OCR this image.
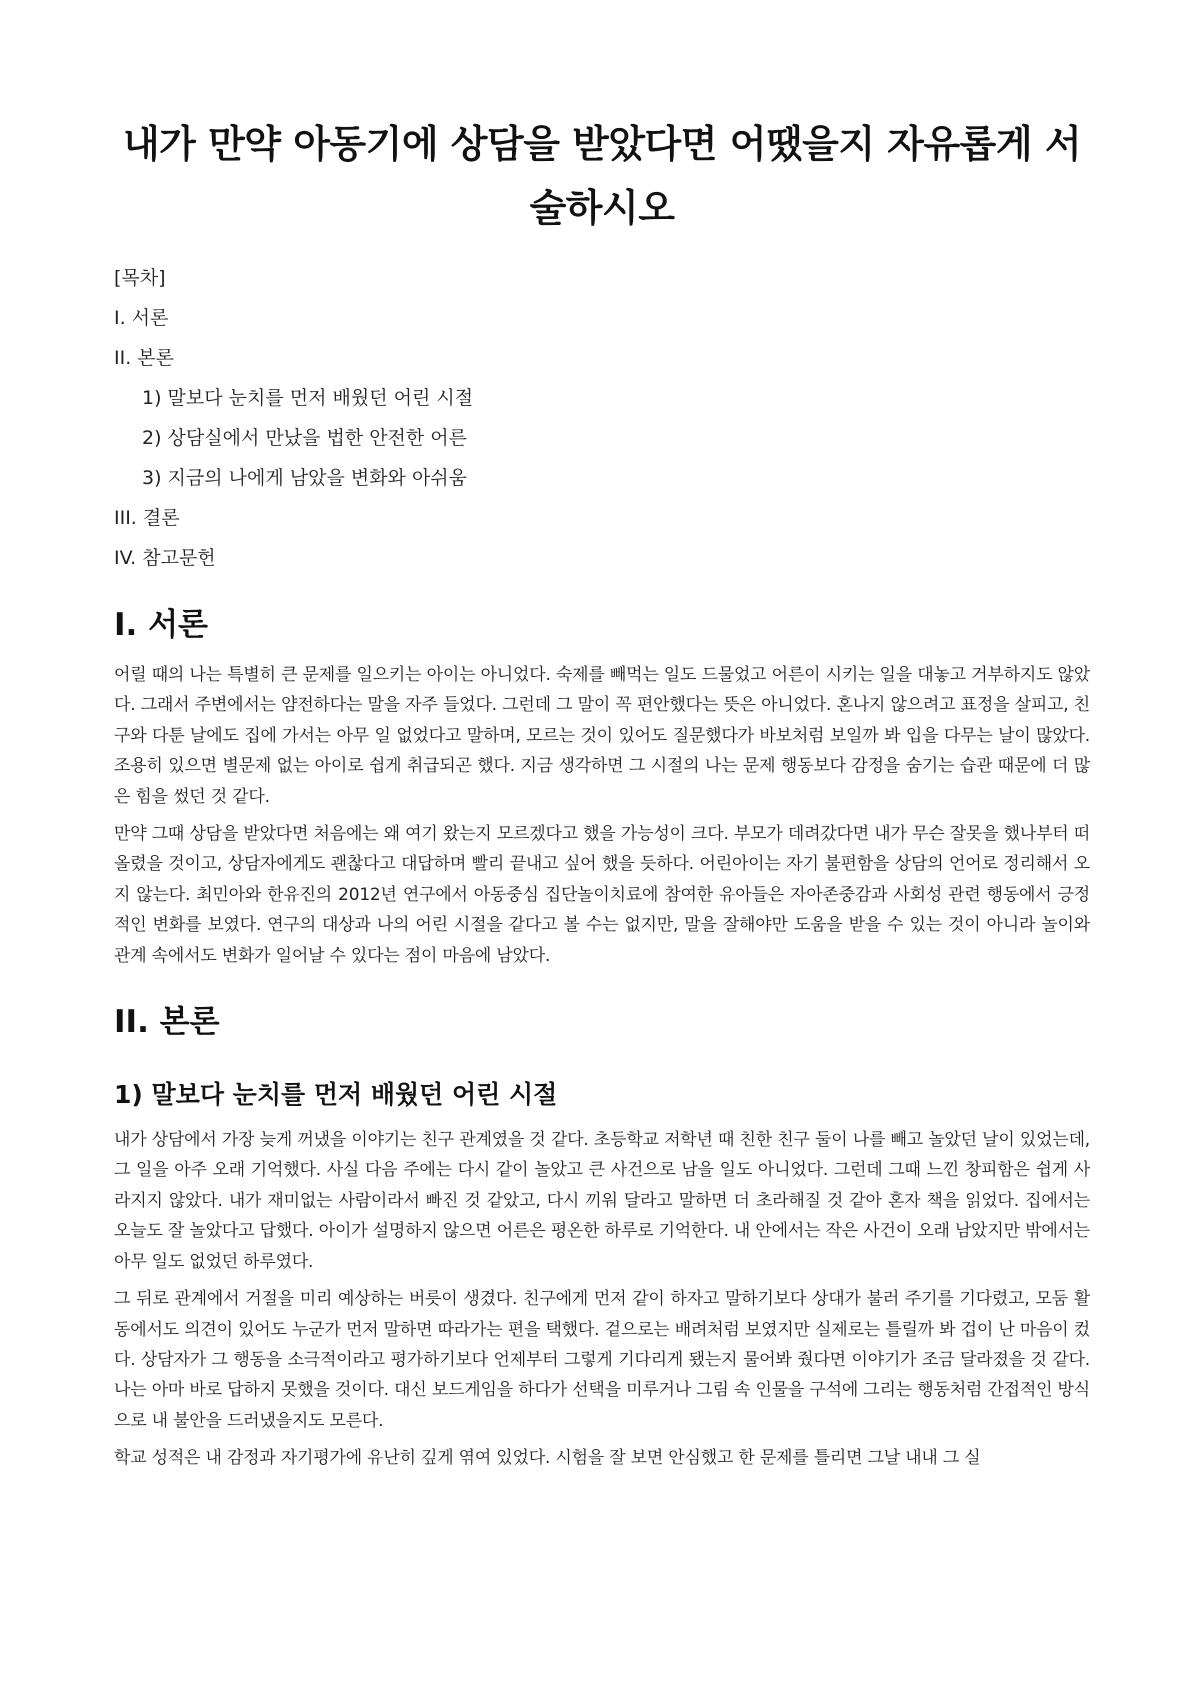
내가 만약 아동기에 상담을 받았다면 어땠을지 자유롭게 서술하시오
[목차]
I. 서론
II. 본론
1) 말보다 눈치를 먼저 배웠던 어린 시절
2) 상담실에서 만났을 법한 안전한 어른
3) 지금의 나에게 남았을 변화와 아쉬움
III. 결론
IV. 참고문헌
I. 서론

어릴 때의 나는 특별히 큰 문제를 일으키는 아이는 아니었다. 숙제를 빼먹는 일도 드물었고 어른이 시키는 일을 대놓고 거부하지도 않았다. 그래서 주변에서는 얌전하다는 말을 자주 들었다. 그런데 그 말이 꼭 편안했다는 뜻은 아니었다. 혼나지 않으려고 표정을 살피고, 친구와 다툰 날에도 집에 가서는 아무 일 없었다고 말하며, 모르는 것이 있어도 질문했다가 바보처럼 보일까 봐 입을 다무는 날이 많았다. 조용히 있으면 별문제 없는 아이로 쉽게 취급되곤 했다. 지금 생각하면 그 시절의 나는 문제 행동보다 감정을 숨기는 습관 때문에 더 많은 힘을 썼던 것 같다.

만약 그때 상담을 받았다면 처음에는 왜 여기 왔는지 모르겠다고 했을 가능성이 크다. 부모가 데려갔다면 내가 무슨 잘못을 했나부터 떠올렸을 것이고, 상담자에게도 괜찮다고 대답하며 빨리 끝내고 싶어 했을 듯하다. 어린아이는 자기 불편함을 상담의 언어로 정리해서 오지 않는다. 최민아와 한유진의 2012년 연구에서 아동중심 집단놀이치료에 참여한 유아들은 자아존중감과 사회성 관련 행동에서 긍정적인 변화를 보였다. 연구의 대상과 나의 어린 시절을 같다고 볼 수는 없지만, 말을 잘해야만 도움을 받을 수 있는 것이 아니라 놀이와 관계 속에서도 변화가 일어날 수 있다는 점이 마음에 남았다.

II. 본론
1) 말보다 눈치를 먼저 배웠던 어린 시절

내가 상담에서 가장 늦게 꺼냈을 이야기는 친구 관계였을 것 같다. 초등학교 저학년 때 친한 친구 둘이 나를 빼고 놀았던 날이 있었는데, 그 일을 아주 오래 기억했다. 사실 다음 주에는 다시 같이 놀았고 큰 사건으로 남을 일도 아니었다. 그런데 그때 느낀 창피함은 쉽게 사라지지 않았다. 내가 재미없는 사람이라서 빠진 것 같았고, 다시 끼워 달라고 말하면 더 초라해질 것 같아 혼자 책을 읽었다. 집에서는 오늘도 잘 놀았다고 답했다. 아이가 설명하지 않으면 어른은 평온한 하루로 기억한다. 내 안에서는 작은 사건이 오래 남았지만 밖에서는 아무 일도 없었던 하루였다.

그 뒤로 관계에서 거절을 미리 예상하는 버릇이 생겼다. 친구에게 먼저 같이 하자고 말하기보다 상대가 불러 주기를 기다렸고, 모둠 활동에서도 의견이 있어도 누군가 먼저 말하면 따라가는 편을 택했다. 겉으로는 배려처럼 보였지만 실제로는 틀릴까 봐 겁이 난 마음이 컸다. 상담자가 그 행동을 소극적이라고 평가하기보다 언제부터 그렇게 기다리게 됐는지 물어봐 줬다면 이야기가 조금 달라졌을 것 같다. 나는 아마 바로 답하지 못했을 것이다. 대신 보드게임을 하다가 선택을 미루거나 그림 속 인물을 구석에 그리는 행동처럼 간접적인 방식으로 내 불안을 드러냈을지도 모른다.

학교 성적은 내 감정과 자기평가에 유난히 깊게 엮여 있었다. 시험을 잘 보면 안심했고 한 문제를 틀리면 그날 내내 그 실
